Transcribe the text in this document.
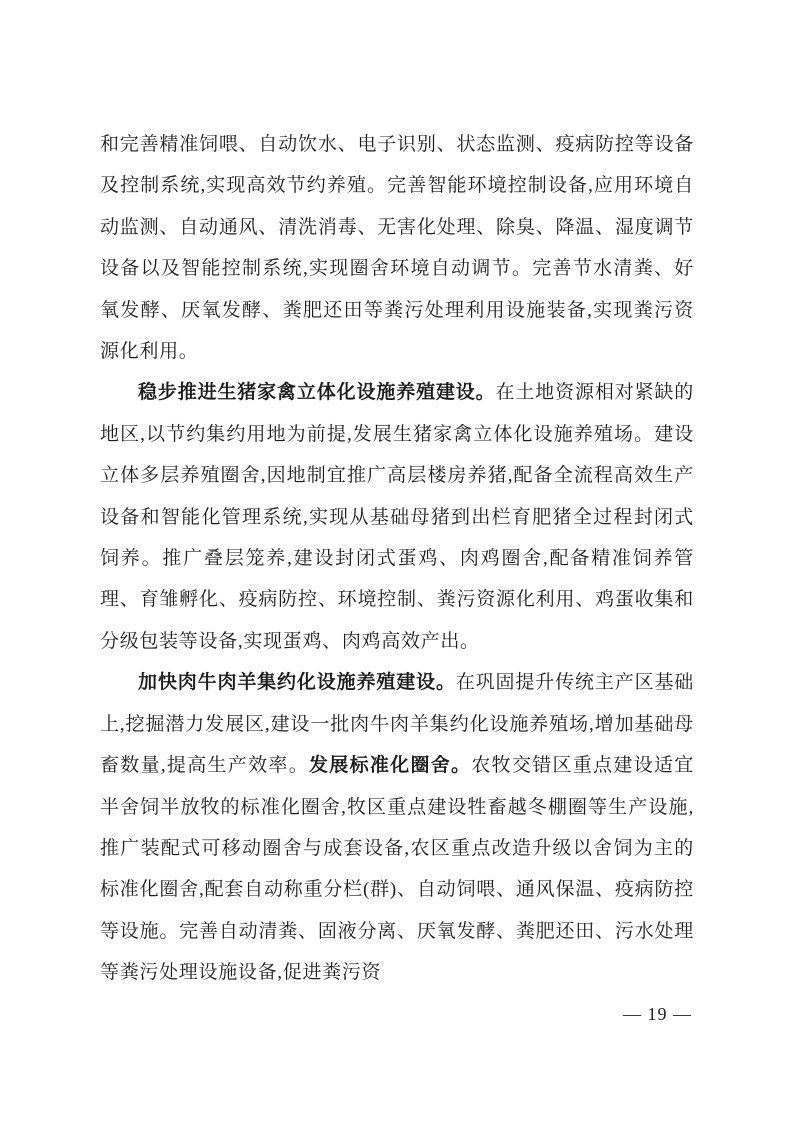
和完善精准饲喂、自动饮水、电子识别、状态监测、疫病防控等设备及控制系统,实现高效节约养殖。完善智能环境控制设备,应用环境自动监测、自动通风、清洗消毒、无害化处理、除臭、降温、湿度调节设备以及智能控制系统,实现圈舍环境自动调节。完善节水清粪、好氧发酵、厌氧发酵、粪肥还田等粪污处理利用设施装备,实现粪污资源化利用。

稳步推进生猪家禽立体化设施养殖建设。在土地资源相对紧缺的地区,以节约集约用地为前提,发展生猪家禽立体化设施养殖场。建设立体多层养殖圈舍,因地制宜推广高层楼房养猪,配备全流程高效生产设备和智能化管理系统,实现从基础母猪到出栏育肥猪全过程封闭式饲养。推广叠层笼养,建设封闭式蛋鸡、肉鸡圈舍,配备精准饲养管理、育雏孵化、疫病防控、环境控制、粪污资源化利用、鸡蛋收集和分级包装等设备,实现蛋鸡、肉鸡高效产出。

加快肉牛肉羊集约化设施养殖建设。在巩固提升传统主产区基础上,挖掘潜力发展区,建设一批肉牛肉羊集约化设施养殖场,增加基础母畜数量,提高生产效率。发展标准化圈舍。农牧交错区重点建设适宜半舍饲半放牧的标准化圈舍,牧区重点建设牲畜越冬棚圈等生产设施,推广装配式可移动圈舍与成套设备,农区重点改造升级以舍饲为主的标准化圈舍,配套自动称重分栏(群)、自动饲喂、通风保温、疫病防控等设施。完善自动清粪、固液分离、厌氧发酵、粪肥还田、污水处理等粪污处理设施设备,促进粪污资

— 19 —
